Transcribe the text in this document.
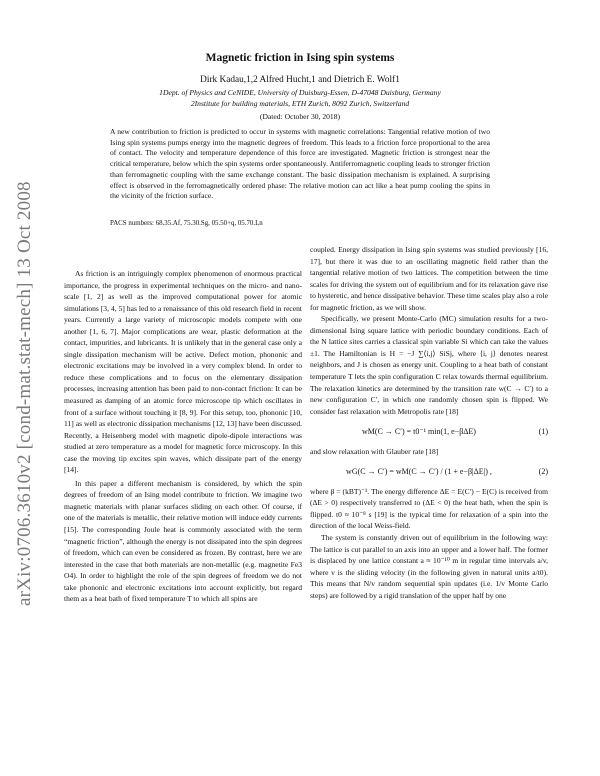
arXiv:0706.3610v2 [cond-mat.stat-mech] 13 Oct 2008
Magnetic friction in Ising spin systems
Dirk Kadau,1,2 Alfred Hucht,1 and Dietrich E. Wolf1
1Dept. of Physics and CeNIDE, University of Duisburg-Essen, D-47048 Duisburg, Germany
2Institute for building materials, ETH Zurich, 8092 Zurich, Switzerland
(Dated: October 30, 2018)

A new contribution to friction is predicted to occur in systems with magnetic correlations: Tangential relative motion of two Ising spin systems pumps energy into the magnetic degrees of freedom. This leads to a friction force proportional to the area of contact. The velocity and temperature dependence of this force are investigated. Magnetic friction is strongest near the critical temperature, below which the spin systems order spontaneously. Antiferromagnetic coupling leads to stronger friction than ferromagnetic coupling with the same exchange constant. The basic dissipation mechanism is explained. A surprising effect is observed in the ferromagnetically ordered phase: The relative motion can act like a heat pump cooling the spins in the vicinity of the friction surface.

PACS numbers: 68.35.Af, 75.30.Sg, 05.50+q, 05.70.Ln

As friction is an intriguingly complex phenomenon of enormous practical importance, the progress in experimental techniques on the micro- and nano-scale [1, 2] as well as the improved computational power for atomic simulations [3, 4, 5] has led to a renaissance of this old research field in recent years. Currently a large variety of microscopic models compete with one another [1, 6, 7]. Major complications are wear, plastic deformation at the contact, impurities, and lubricants. It is unlikely that in the general case only a single dissipation mechanism will be active. Defect motion, phononic and electronic excitations may be involved in a very complex blend. In order to reduce these complications and to focus on the elementary dissipation processes, increasing attention has been paid to non-contact friction: It can be measured as damping of an atomic force microscope tip which oscillates in front of a surface without touching it [8, 9]. For this setup, too, phononic [10, 11] as well as electronic dissipation mechanisms [12, 13] have been discussed. Recently, a Heisenberg model with magnetic dipole-dipole interactions was studied at zero temperature as a model for magnetic force microscopy. In this case the moving tip excites spin waves, which dissipate part of the energy [14].

In this paper a different mechanism is considered, by which the spin degrees of freedom of an Ising model contribute to friction. We imagine two magnetic materials with planar surfaces sliding on each other. Of course, if one of the materials is metallic, their relative motion will induce eddy currents [15]. The corresponding Joule heat is commonly associated with the term “magnetic friction”, although the energy is not dissipated into the spin degrees of freedom, which can even be considered as frozen. By contrast, here we are interested in the case that both materials are non-metallic (e.g. magnetite Fe3 O4). In order to highlight the role of the spin degrees of freedom we do not take phononic and electronic excitations into account explicitly, but regard them as a heat bath of fixed temperature T to which all spins are

coupled. Energy dissipation in Ising spin systems was studied previously [16, 17], but there it was due to an oscillating magnetic field rather than the tangential relative motion of two lattices. The competition between the time scales for driving the system out of equilibrium and for its relaxation gave rise to hysteretic, and hence dissipative behavior. These time scales play also a role for magnetic friction, as we will show.

Specifically, we present Monte-Carlo (MC) simulation results for a two-dimensional Ising square lattice with periodic boundary conditions. Each of the N lattice sites carries a classical spin variable Si which can take the values ±1. The Hamiltonian is H = −J ∑⟨i,j⟩ SiSj, where ⟨i, j⟩ denotes nearest neighbors, and J is chosen as energy unit. Coupling to a heat bath of constant temperature T lets the spin configuration C relax towards thermal equilibrium. The relaxation kinetics are determined by the transition rate w(C → C′) to a new configuration C′, in which one randomly chosen spin is flipped. We consider fast relaxation with Metropolis rate [18]

wM(C → C′) = t0⁻¹ min(1, e−βΔE)	(1)

and slow relaxation with Glauber rate [18]

wG(C → C′) = wM(C → C′) / (1 + e−β|ΔE|) ,	(2)

where β = (kBT)⁻¹. The energy difference ΔE = E(C′) − E(C) is received from (ΔE > 0) respectively transferred to (ΔE < 0) the heat bath, when the spin is flipped. t0 ≈ 10⁻⁸ s [19] is the typical time for relaxation of a spin into the direction of the local Weiss-field.

The system is constantly driven out of equilibrium in the following way: The lattice is cut parallel to an axis into an upper and a lower half. The former is displaced by one lattice constant a ≈ 10⁻¹⁰ m in regular time intervals a/v, where v is the sliding velocity (in the following given in natural units a/t0). This means that N/v random sequential spin updates (i.e. 1/v Monte Carlo steps) are followed by a rigid translation of the upper half by one
